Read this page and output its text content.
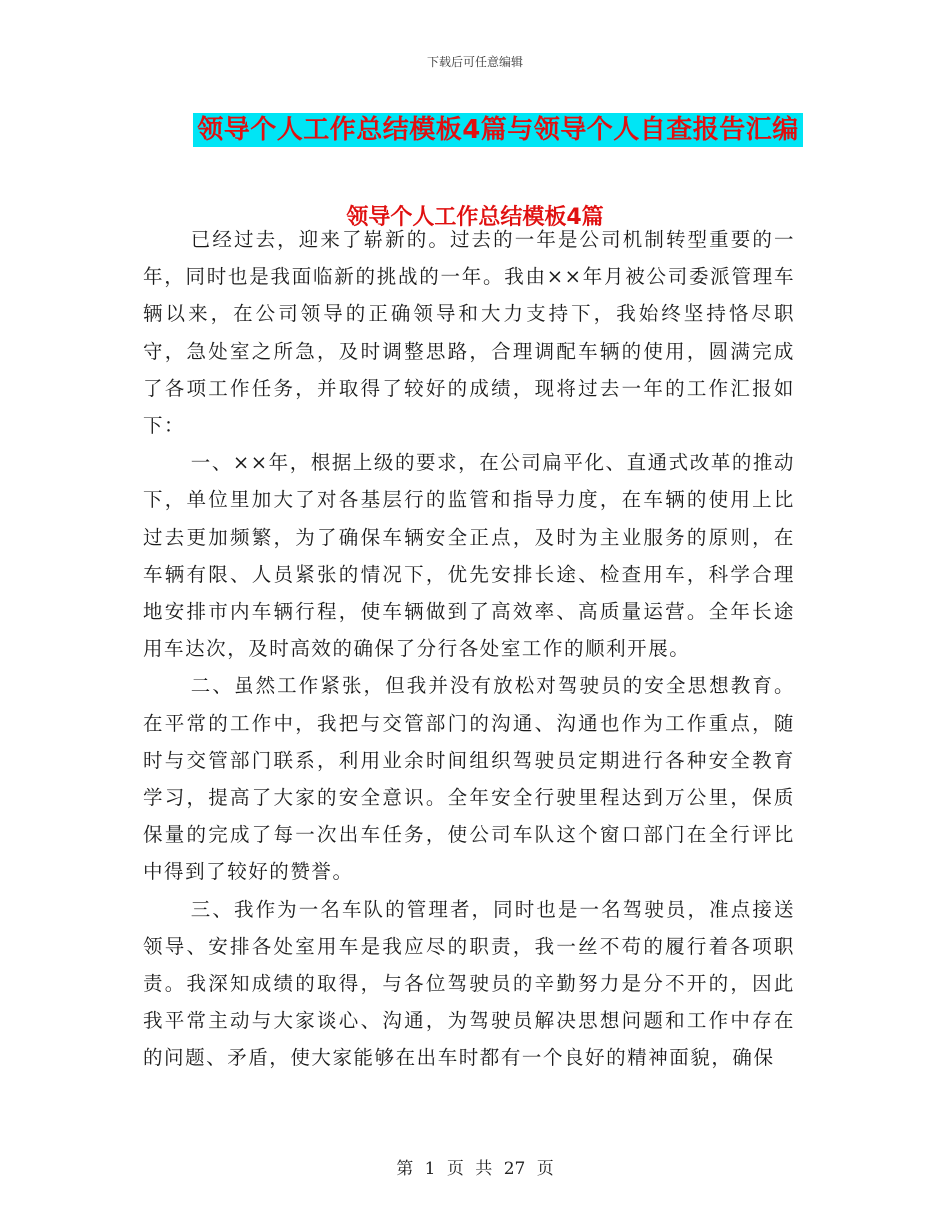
下载后可任意编辑
领导个人工作总结模板4篇与领导个人自查报告汇编
领导个人工作总结模板4篇

已经过去，迎来了崭新的。过去的一年是公司机制转型重要的一年，同时也是我面临新的挑战的一年。我由××年月被公司委派管理车辆以来，在公司领导的正确领导和大力支持下，我始终坚持恪尽职守，急处室之所急，及时调整思路，合理调配车辆的使用，圆满完成了各项工作任务，并取得了较好的成绩，现将过去一年的工作汇报如下：

一、××年，根据上级的要求，在公司扁平化、直通式改革的推动下，单位里加大了对各基层行的监管和指导力度，在车辆的使用上比过去更加频繁，为了确保车辆安全正点，及时为主业服务的原则，在车辆有限、人员紧张的情况下，优先安排长途、检查用车，科学合理地安排市内车辆行程，使车辆做到了高效率、高质量运营。全年长途用车达次，及时高效的确保了分行各处室工作的顺利开展。

二、虽然工作紧张，但我并没有放松对驾驶员的安全思想教育。在平常的工作中，我把与交管部门的沟通、沟通也作为工作重点，随时与交管部门联系，利用业余时间组织驾驶员定期进行各种安全教育学习，提高了大家的安全意识。全年安全行驶里程达到万公里，保质保量的完成了每一次出车任务，使公司车队这个窗口部门在全行评比中得到了较好的赞誉。

三、我作为一名车队的管理者，同时也是一名驾驶员，准点接送领导、安排各处室用车是我应尽的职责，我一丝不苟的履行着各项职责。我深知成绩的取得，与各位驾驶员的辛勤努力是分不开的，因此我平常主动与大家谈心、沟通，为驾驶员解决思想问题和工作中存在的问题、矛盾，使大家能够在出车时都有一个良好的精神面貌，确保

第 1 页 共 27 页
